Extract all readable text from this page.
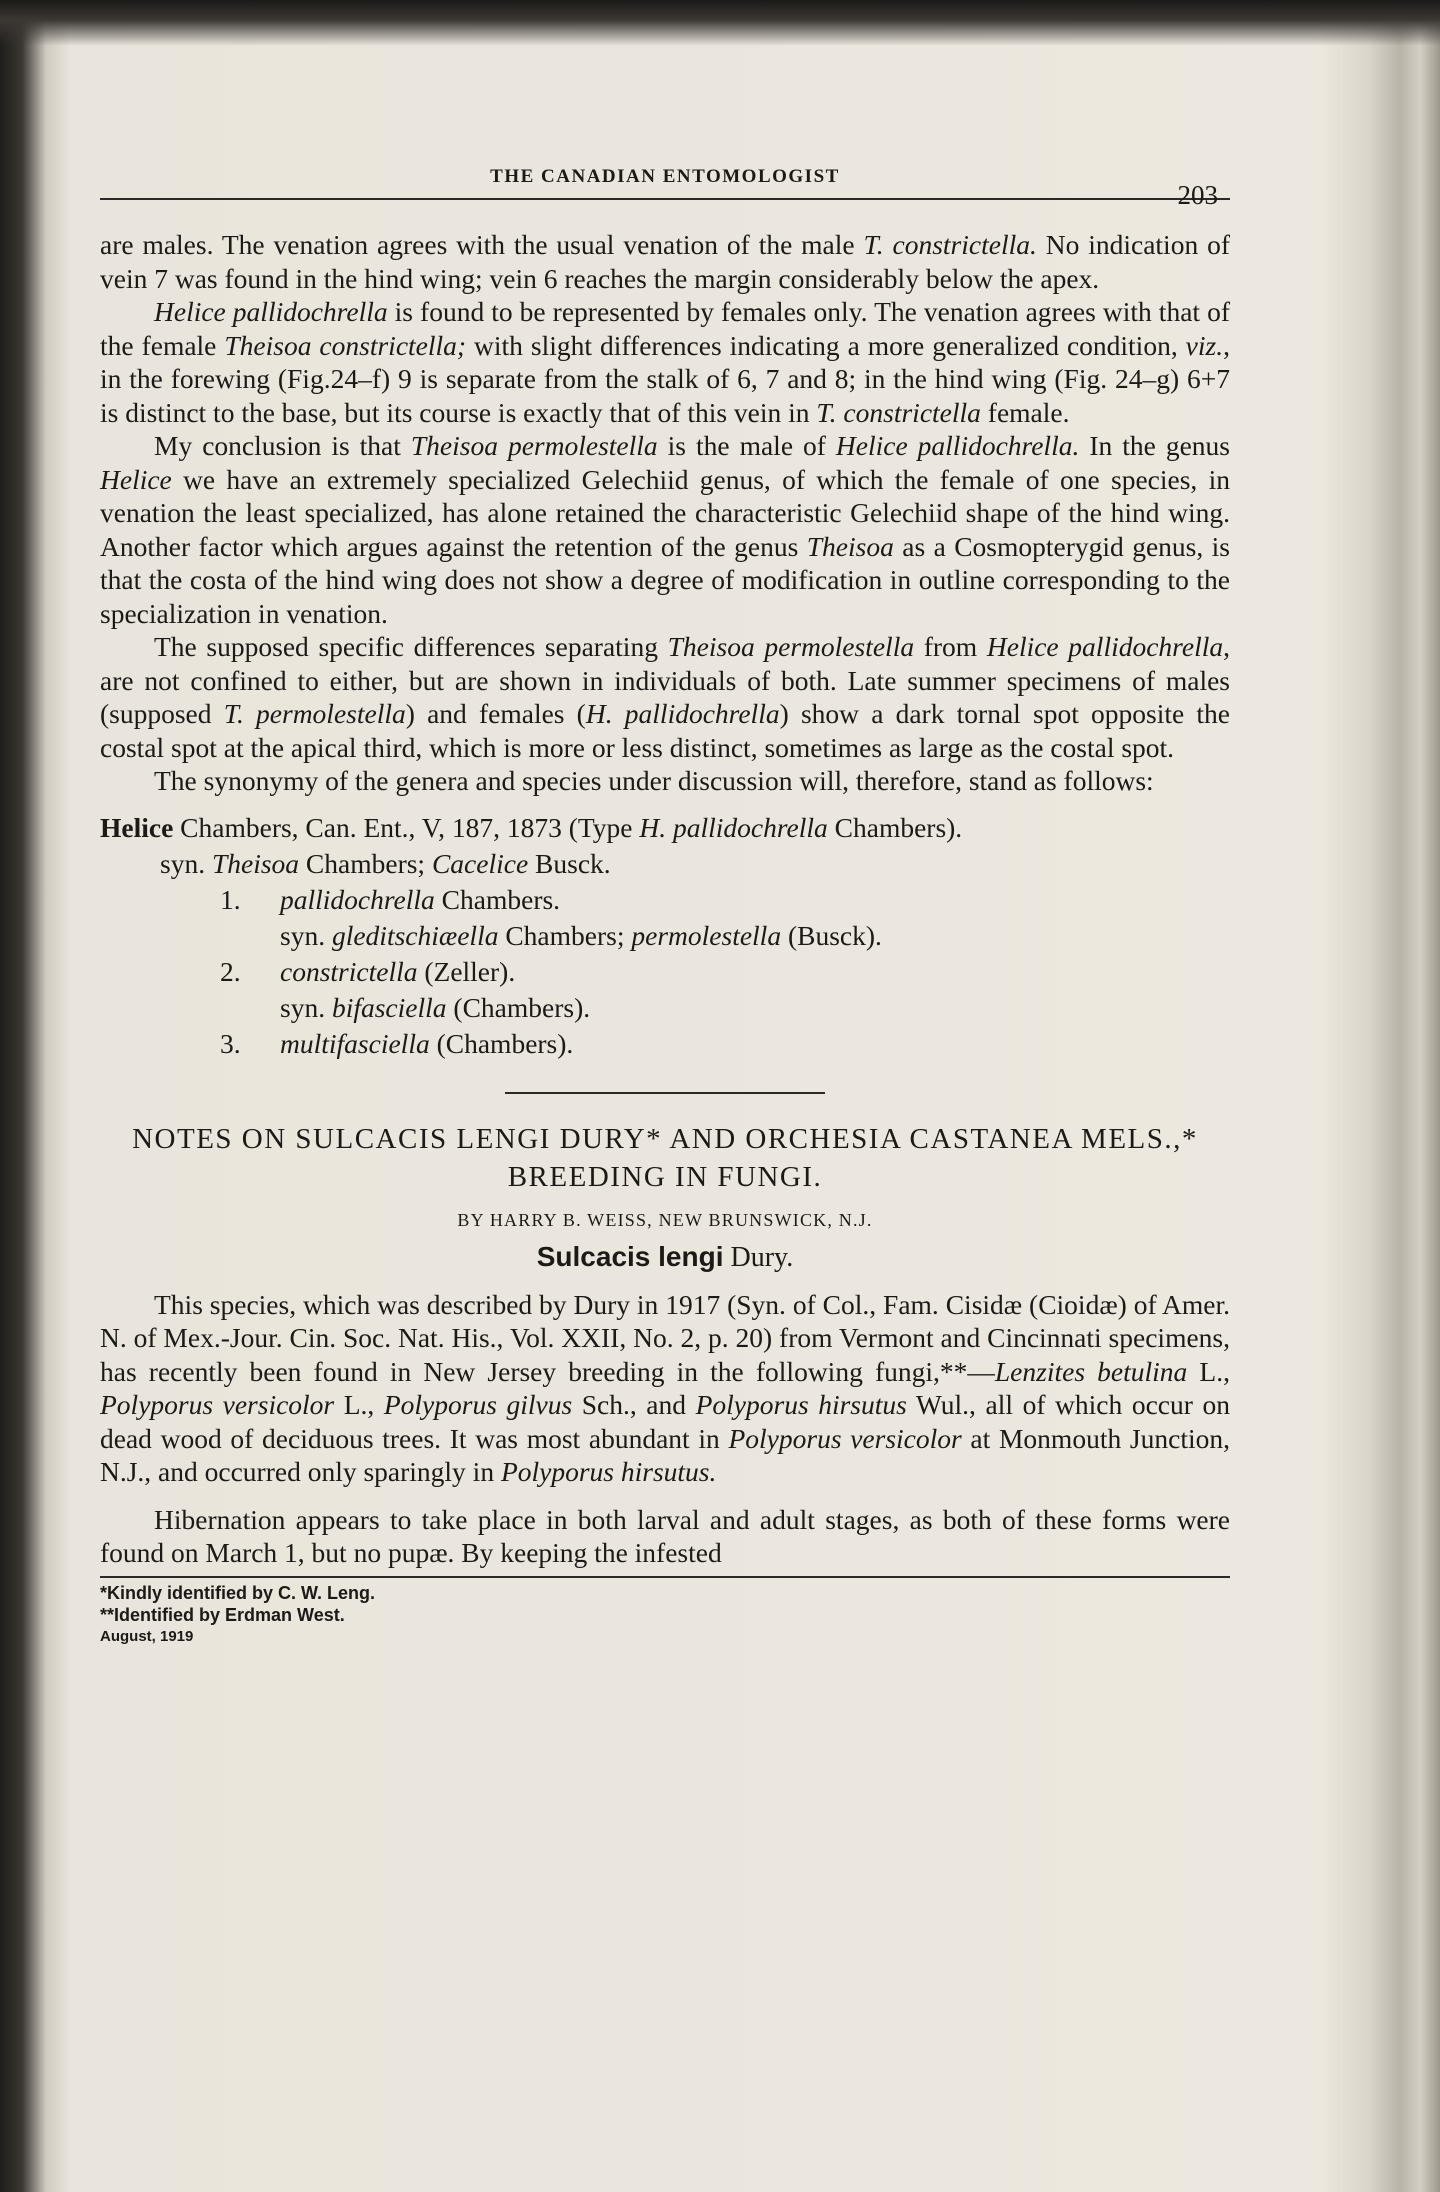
THE CANADIAN ENTOMOLOGIST
203

are males. The venation agrees with the usual venation of the male T. constrictella. No indication of vein 7 was found in the hind wing; vein 6 reaches the margin considerably below the apex.

Helice pallidochrella is found to be represented by females only. The venation agrees with that of the female Theisoa constrictella; with slight differences indicating a more generalized condition, viz., in the forewing (Fig.24–f) 9 is separate from the stalk of 6, 7 and 8; in the hind wing (Fig. 24–g) 6+7 is distinct to the base, but its course is exactly that of this vein in T. constrictella female.

My conclusion is that Theisoa permolestella is the male of Helice pallidochrella. In the genus Helice we have an extremely specialized Gelechiid genus, of which the female of one species, in venation the least specialized, has alone retained the characteristic Gelechiid shape of the hind wing. Another factor which argues against the retention of the genus Theisoa as a Cosmopterygid genus, is that the costa of the hind wing does not show a degree of modification in outline corresponding to the specialization in venation.

The supposed specific differences separating Theisoa permolestella from Helice pallidochrella, are not confined to either, but are shown in individuals of both. Late summer specimens of males (supposed T. permolestella) and females (H. pallidochrella) show a dark tornal spot opposite the costal spot at the apical third, which is more or less distinct, sometimes as large as the costal spot.

The synonymy of the genera and species under discussion will, therefore, stand as follows:

Helice Chambers, Can. Ent., V, 187, 1873 (Type H. pallidochrella Chambers).

syn. Theisoa Chambers; Cacelice Busck.

1. pallidochrella Chambers.

syn. gleditschiæella Chambers; permolestella (Busck).

2. constrictella (Zeller).

syn. bifasciella (Chambers).

3. multifasciella (Chambers).

NOTES ON SULCACIS LENGI DURY* AND ORCHESIA CASTANEA MELS.,* BREEDING IN FUNGI.
BY HARRY B. WEISS, NEW BRUNSWICK, N.J.
Sulcacis lengi Dury.

This species, which was described by Dury in 1917 (Syn. of Col., Fam. Cisidæ (Cioidæ) of Amer. N. of Mex.-Jour. Cin. Soc. Nat. His., Vol. XXII, No. 2, p. 20) from Vermont and Cincinnati specimens, has recently been found in New Jersey breeding in the following fungi,**—Lenzites betulina L., Polyporus versicolor L., Polyporus gilvus Sch., and Polyporus hirsutus Wul., all of which occur on dead wood of deciduous trees. It was most abundant in Polyporus versicolor at Monmouth Junction, N.J., and occurred only sparingly in Polyporus hirsutus.

Hibernation appears to take place in both larval and adult stages, as both of these forms were found on March 1, but no pupæ. By keeping the infested

*Kindly identified by C. W. Leng.
**Identified by Erdman West.
August, 1919
